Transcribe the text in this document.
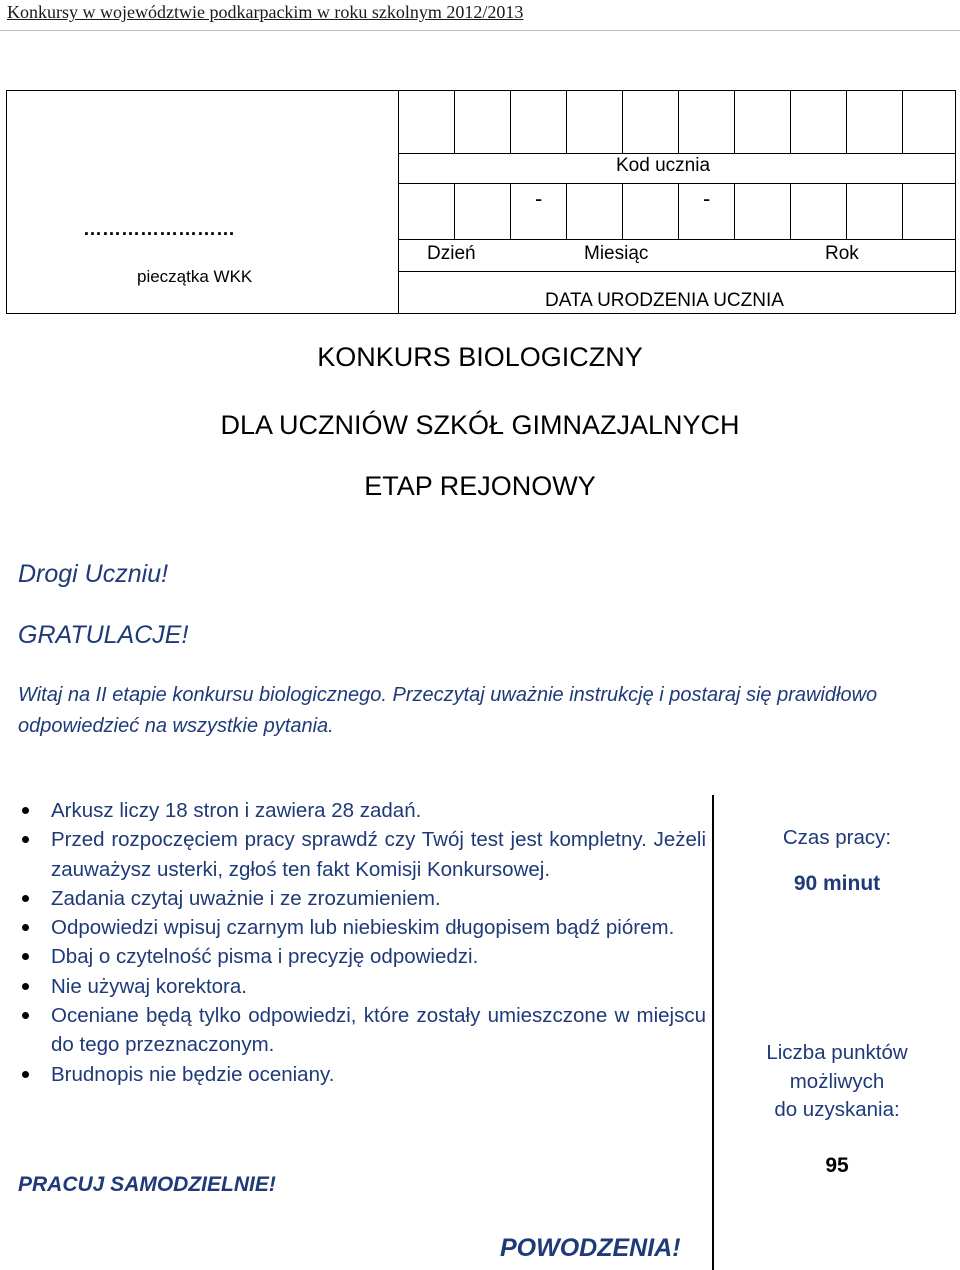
Konkursy w województwie podkarpackim w roku szkolnym 2012/2013
Kod ucznia
-	-
Dzień	Miesiąc	Rok
DATA URODZENIA UCZNIA
……………………
pieczątka WKK
KONKURS BIOLOGICZNY
DLA UCZNIÓW SZKÓŁ GIMNAZJALNYCH
ETAP REJONOWY
Drogi Uczniu!
GRATULACJE!
Witaj na II etapie konkursu biologicznego. Przeczytaj uważnie instrukcję i postaraj się prawidłowo odpowiedzieć na wszystkie pytania.
Arkusz liczy 18 stron i zawiera 28 zadań.
Przed rozpoczęciem pracy sprawdź czy Twój test jest kompletny. Jeżeli zauważysz usterki, zgłoś ten fakt Komisji Konkursowej.
Zadania czytaj uważnie i ze zrozumieniem.
Odpowiedzi wpisuj czarnym lub niebieskim długopisem bądź piórem.
Dbaj o czytelność pisma i precyzję odpowiedzi.
Nie używaj korektora.
Oceniane będą tylko odpowiedzi, które zostały umieszczone w miejscu do tego przeznaczonym.
Brudnopis nie będzie oceniany.
Czas pracy:
90 minut
Liczba punktów
możliwych
do uzyskania:
95
PRACUJ SAMODZIELNIE!
POWODZENIA!
